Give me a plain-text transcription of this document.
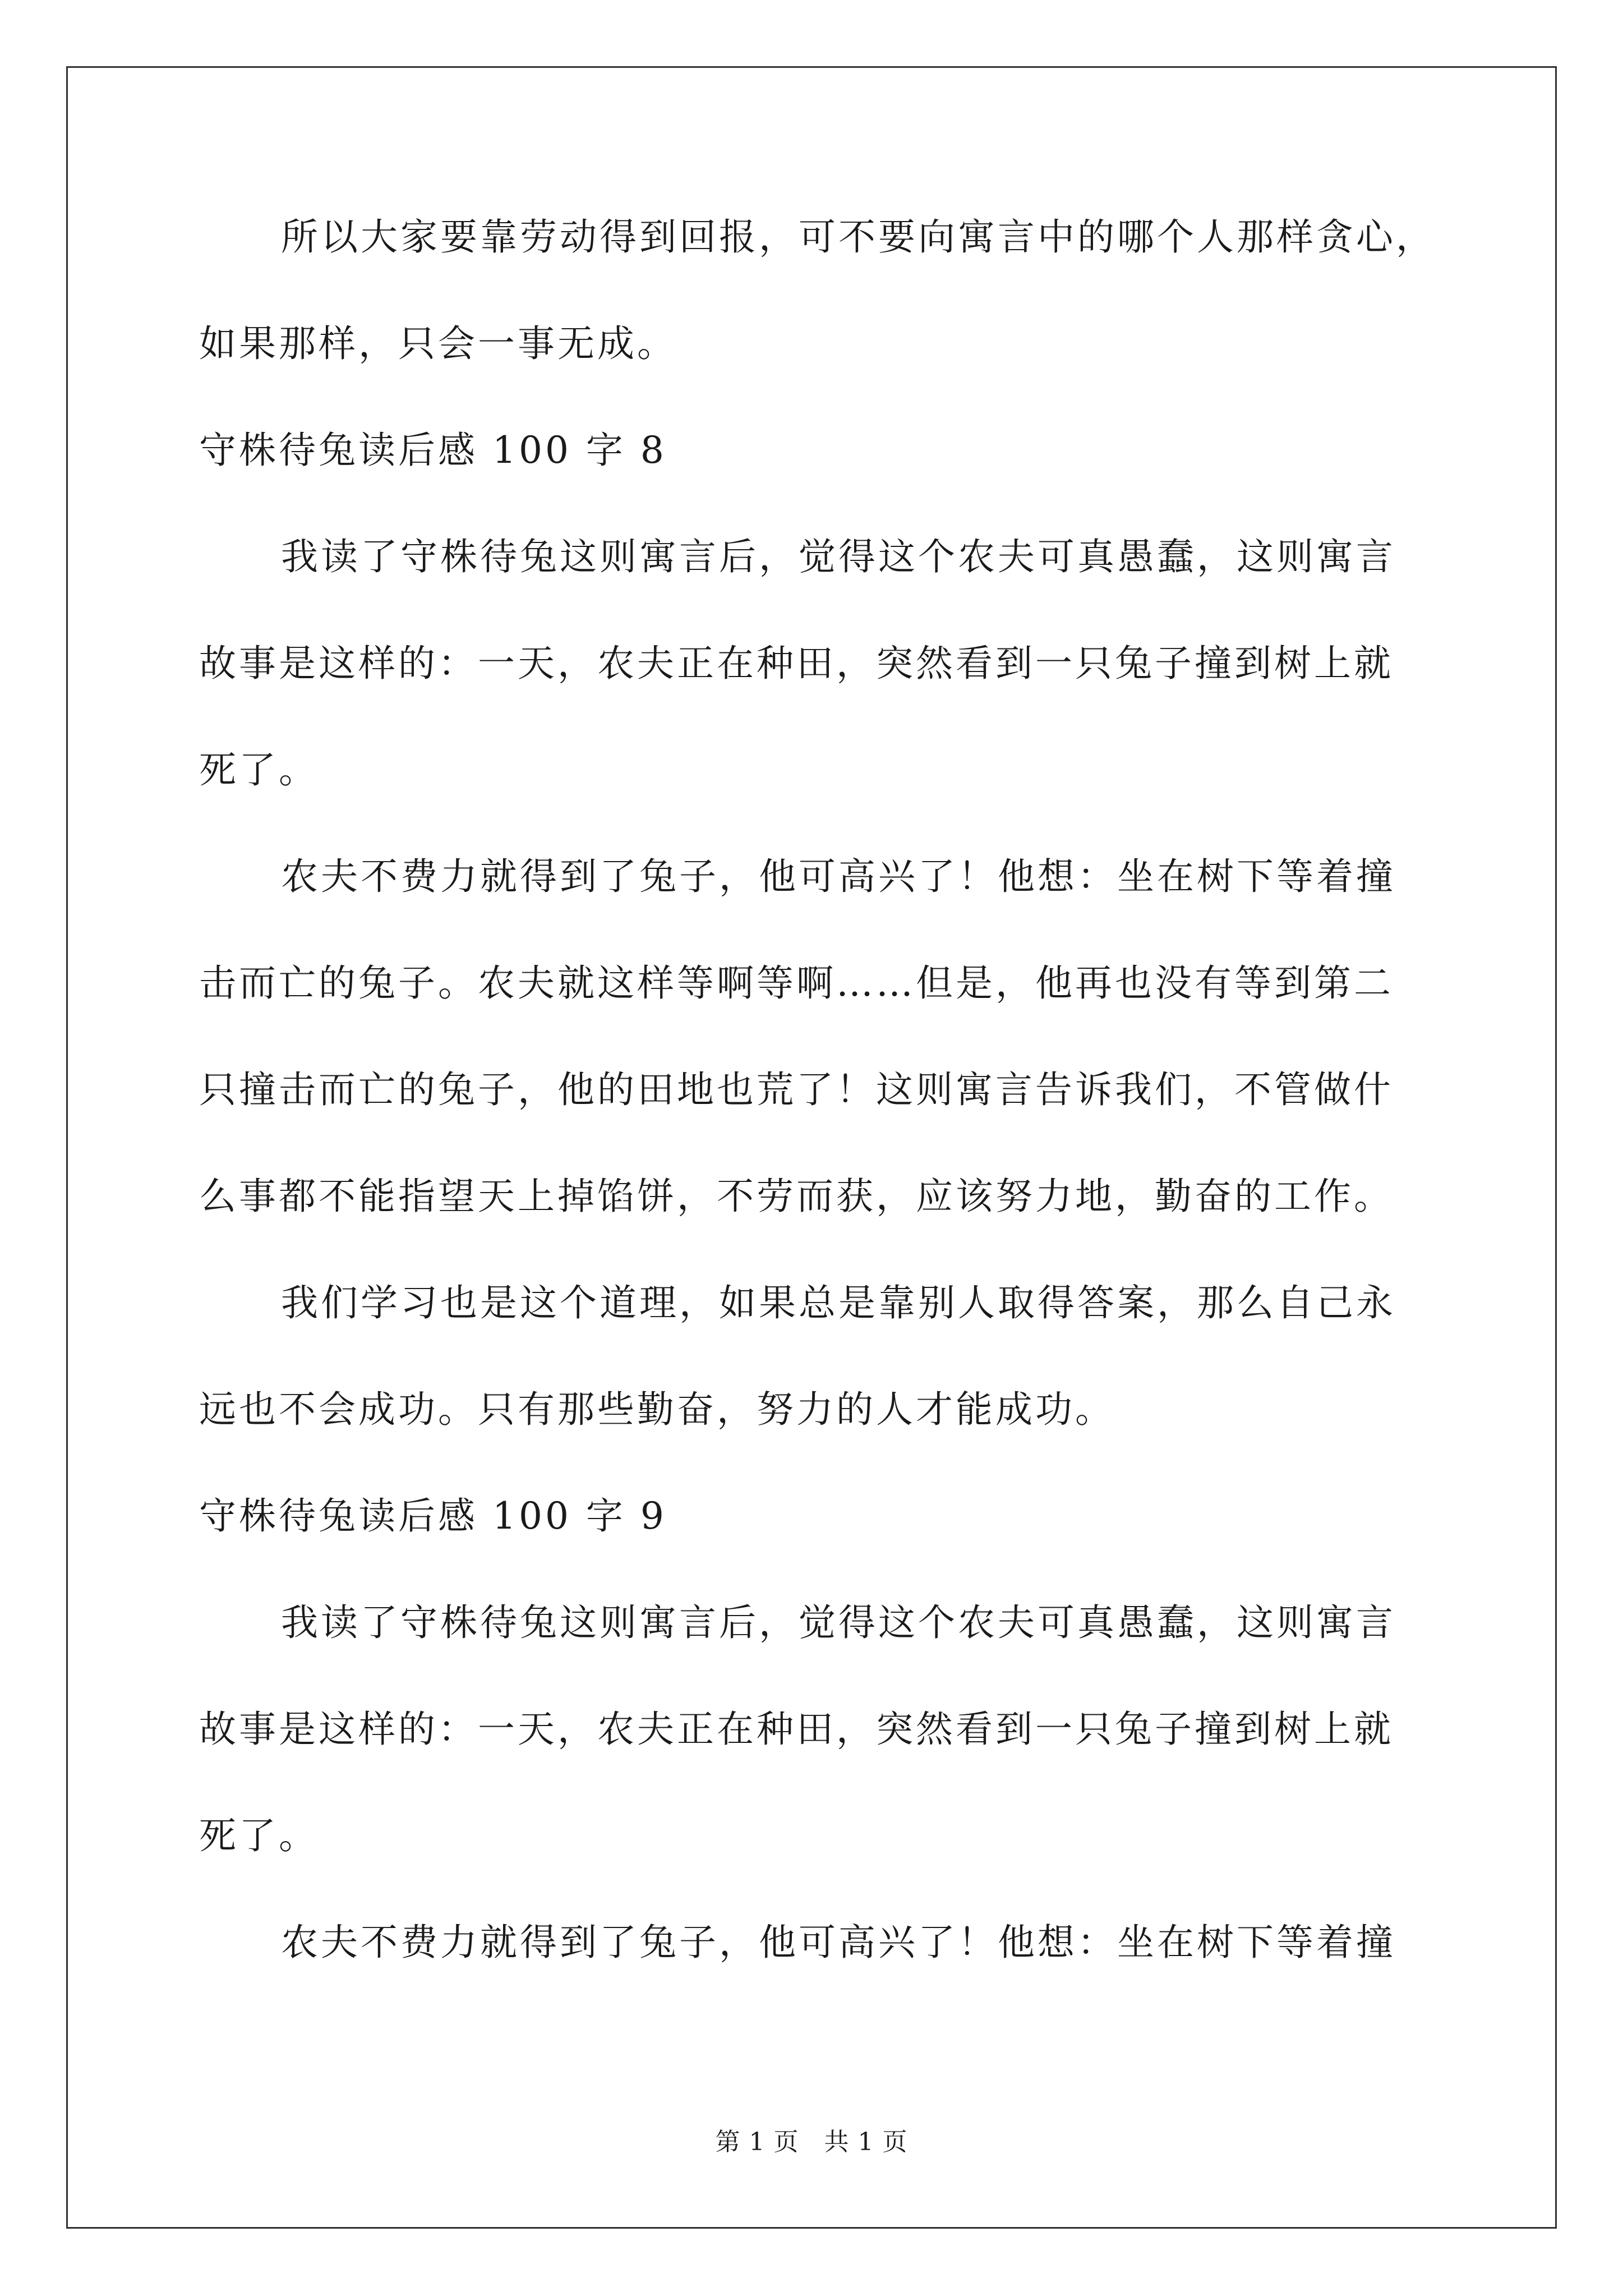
所以大家要靠劳动得到回报，可不要向寓言中的哪个人那样贪心，
如果那样，只会一事无成。
守株待兔读后感 100 字 8
我读了守株待兔这则寓言后，觉得这个农夫可真愚蠢，这则寓言
故事是这样的：一天，农夫正在种田，突然看到一只兔子撞到树上就
死了。
农夫不费力就得到了兔子，他可高兴了！他想：坐在树下等着撞
击而亡的兔子。农夫就这样等啊等啊……但是，他再也没有等到第二
只撞击而亡的兔子，他的田地也荒了！这则寓言告诉我们，不管做什
么事都不能指望天上掉馅饼，不劳而获，应该努力地，勤奋的工作。
我们学习也是这个道理，如果总是靠别人取得答案，那么自己永
远也不会成功。只有那些勤奋，努力的人才能成功。
守株待兔读后感 100 字 9
我读了守株待兔这则寓言后，觉得这个农夫可真愚蠢，这则寓言
故事是这样的：一天，农夫正在种田，突然看到一只兔子撞到树上就
死了。
农夫不费力就得到了兔子，他可高兴了！他想：坐在树下等着撞
第 1 页　共 1 页
